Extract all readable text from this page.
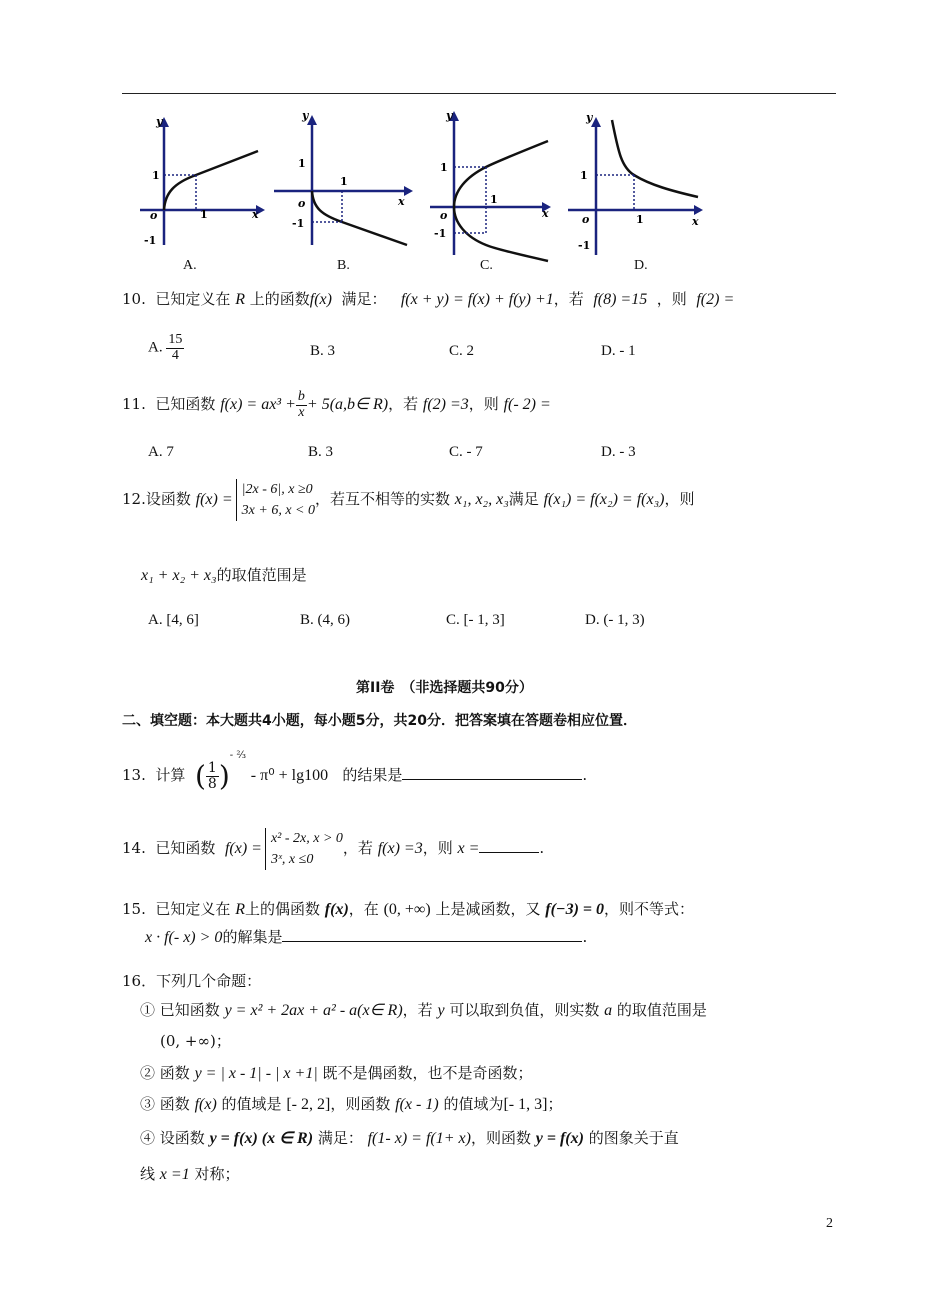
y
x
o
1
1
-1
A.
y
x
o
1
1
-1
B.
y
x
o
1
1
-1
C.
y
x
o
1
1
-1
D.
10. 已知定义在 R 上的函数f(x) 满足： f(x + y) = f(x) + f(y) +1，若 f(8) =15 ，则 f(2) =
A. $\frac{15}{4}$	B. 3	C. 2	D. - 1
11. 已知函数 $f(x) = ax^3 + \frac{b}{x}$ + 5(a,b∈ R)，若 f(2) =3，则 f(- 2) =
A. 7	B. 3	C. - 7	D. - 3
12.设函数 f(x) =|2x - 6|, x ≥0
3x + 6, x < 0，若互不相等的实数 x₁, x₂, x₃满足 f(x₁) = f(x₂) = f(x₃)，则
x₁ + x₂ + x₃的取值范围是
A. [4, 6]	B. (4, 6)	C. [- 1, 3]	D. (- 1, 3)
第II卷　（非选择题共90分）
二、填空题：本大题共4小题，每小题5分，共20分．把答案填在答题卷相应位置．
13. 计算 ( $\frac{1}{8} )^{- ^2⁄_3} - \pi^0 + \lg 100$ 的结果是	.
14. 已知函数 f(x) =x² - 2x, x > 0
3ˣ, x ≤0，若 f(x) =3，则 x =	.
15. 已知定义在 R上的偶函数 f(x)，在 (0, +∞) 上是减函数，又 f(−3) = 0，则不等式：
x · f(- x) > 0的解集是	.
16．下列几个命题：
① 已知函数 y = x² + 2ax + a² - a(x∈ R)，若 y 可以取到负值，则实数 a 的取值范围是
(0, +∞)；
② 函数 y = | x - 1| - | x +1| 既不是偶函数，也不是奇函数；
③ 函数 f(x) 的值域是 [- 2, 2]，则函数 f(x - 1) 的值域为[- 1, 3]；
④ 设函数 y = f(x) (x ∈ R) 满足： f(1- x) = f(1+ x)，则函数 y = f(x) 的图象关于直
线 x =1 对称；
2
